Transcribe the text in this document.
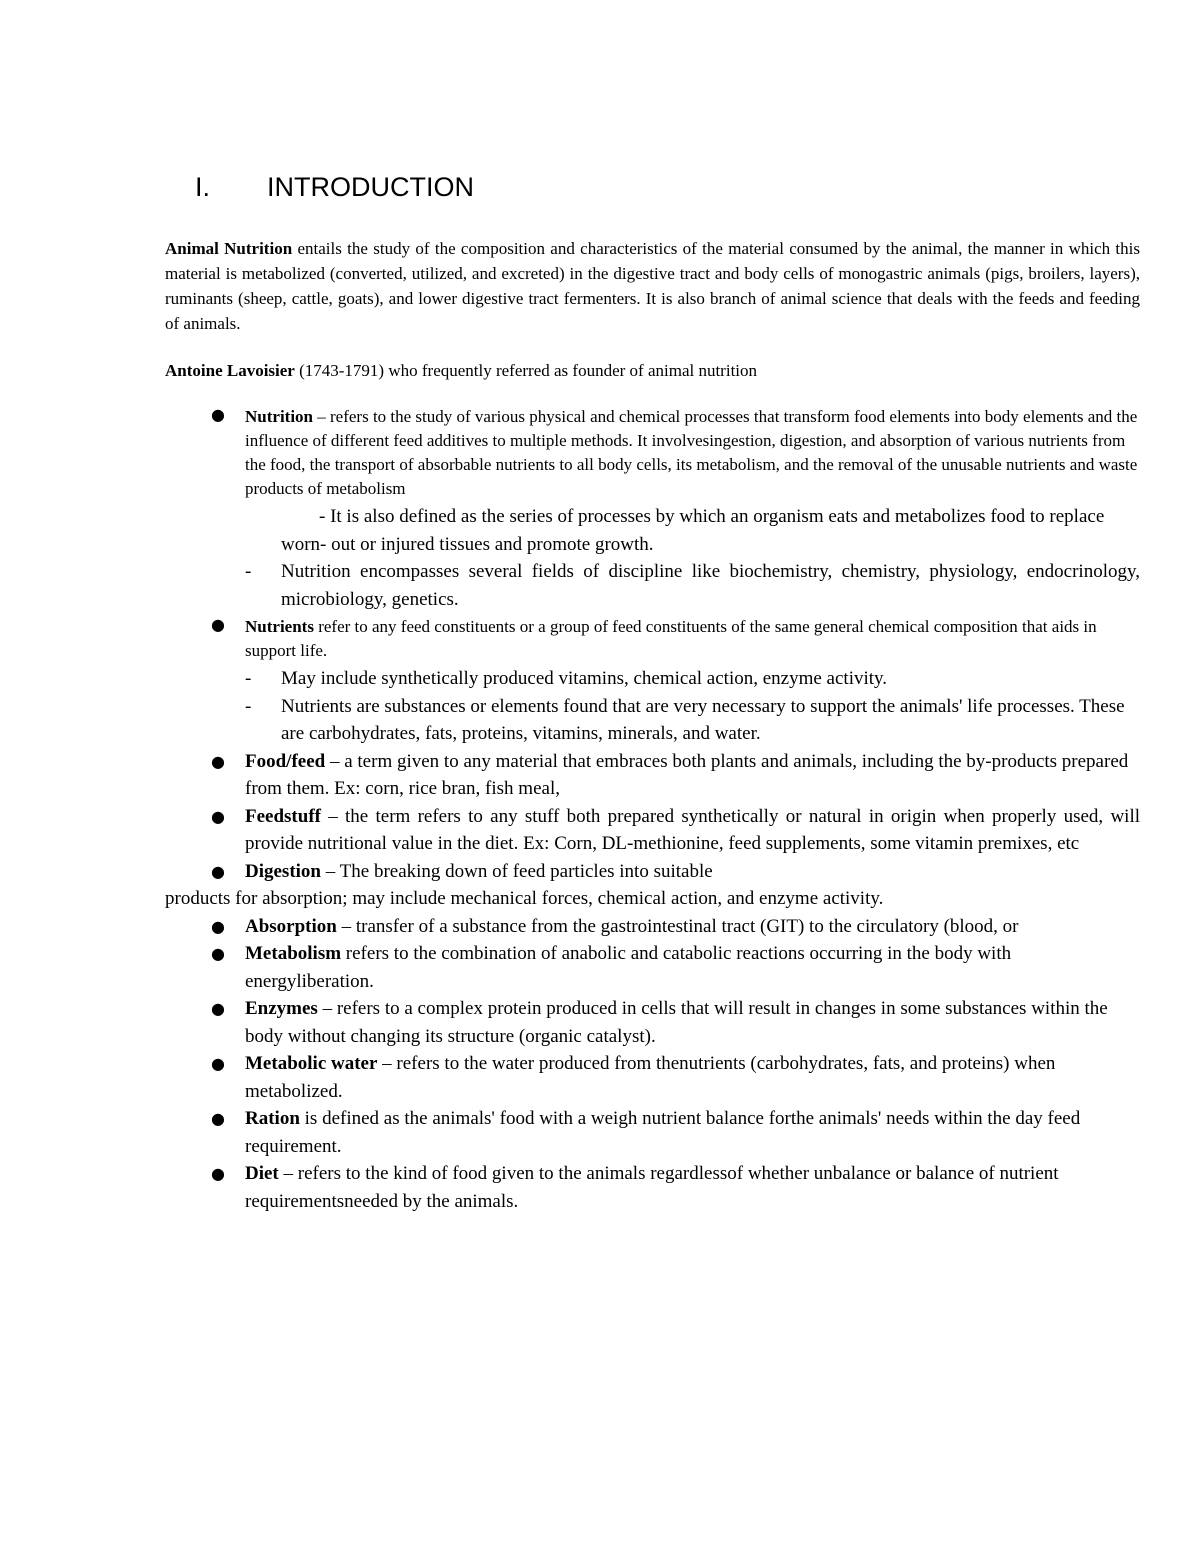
I.	INTRODUCTION

Animal Nutrition entails the study of the composition and characteristics of the material consumed by the animal, the manner in which this material is metabolized (converted, utilized, and excreted) in the digestive tract and body cells of monogastric animals (pigs, broilers, layers), ruminants (sheep, cattle, goats), and lower digestive tract fermenters. It is also branch of animal science that deals with the feeds and feeding of animals.

Antoine Lavoisier (1743-1791) who frequently referred as founder of animal nutrition

● Nutrition – refers to the study of various physical and chemical processes that transform food elements into body elements and the influence of different feed additives to multiple methods. It involvesingestion, digestion, and absorption of various nutrients from the food, the transport of absorbable nutrients to all body cells, its metabolism, and the removal of the unusable nutrients and waste products of metabolism
- It is also defined as the series of processes by which an organism eats and metabolizes food to replace worn- out or injured tissues and promote growth.
- Nutrition encompasses several fields of discipline like biochemistry, chemistry, physiology, endocrinology, microbiology, genetics.
● Nutrients refer to any feed constituents or a group of feed constituents of the same general chemical composition that aids in support life.
- May include synthetically produced vitamins, chemical action, enzyme activity.
- Nutrients are substances or elements found that are very necessary to support the animals' life processes. These are carbohydrates, fats, proteins, vitamins, minerals, and water.
● Food/feed – a term given to any material that embraces both plants and animals, including the by-products prepared from them. Ex: corn, rice bran, fish meal,
● Feedstuff – the term refers to any stuff both prepared synthetically or natural in origin when properly used, will provide nutritional value in the diet. Ex: Corn, DL-methionine, feed supplements, some vitamin premixes, etc
● Digestion – The breaking down of feed particles into suitable
products for absorption; may include mechanical forces, chemical action, and enzyme activity.
● Absorption – transfer of a substance from the gastrointestinal tract (GIT) to the circulatory (blood, or
● Metabolism refers to the combination of anabolic and catabolic reactions occurring in the body with energyliberation.
● Enzymes – refers to a complex protein produced in cells that will result in changes in some substances within the body without changing its structure (organic catalyst).
● Metabolic water – refers to the water produced from thenutrients (carbohydrates, fats, and proteins) when metabolized.
● Ration is defined as the animals' food with a weigh nutrient balance forthe animals' needs within the day feed requirement.
● Diet – refers to the kind of food given to the animals regardlessof whether unbalance or balance of nutrient requirementsneeded by the animals.
